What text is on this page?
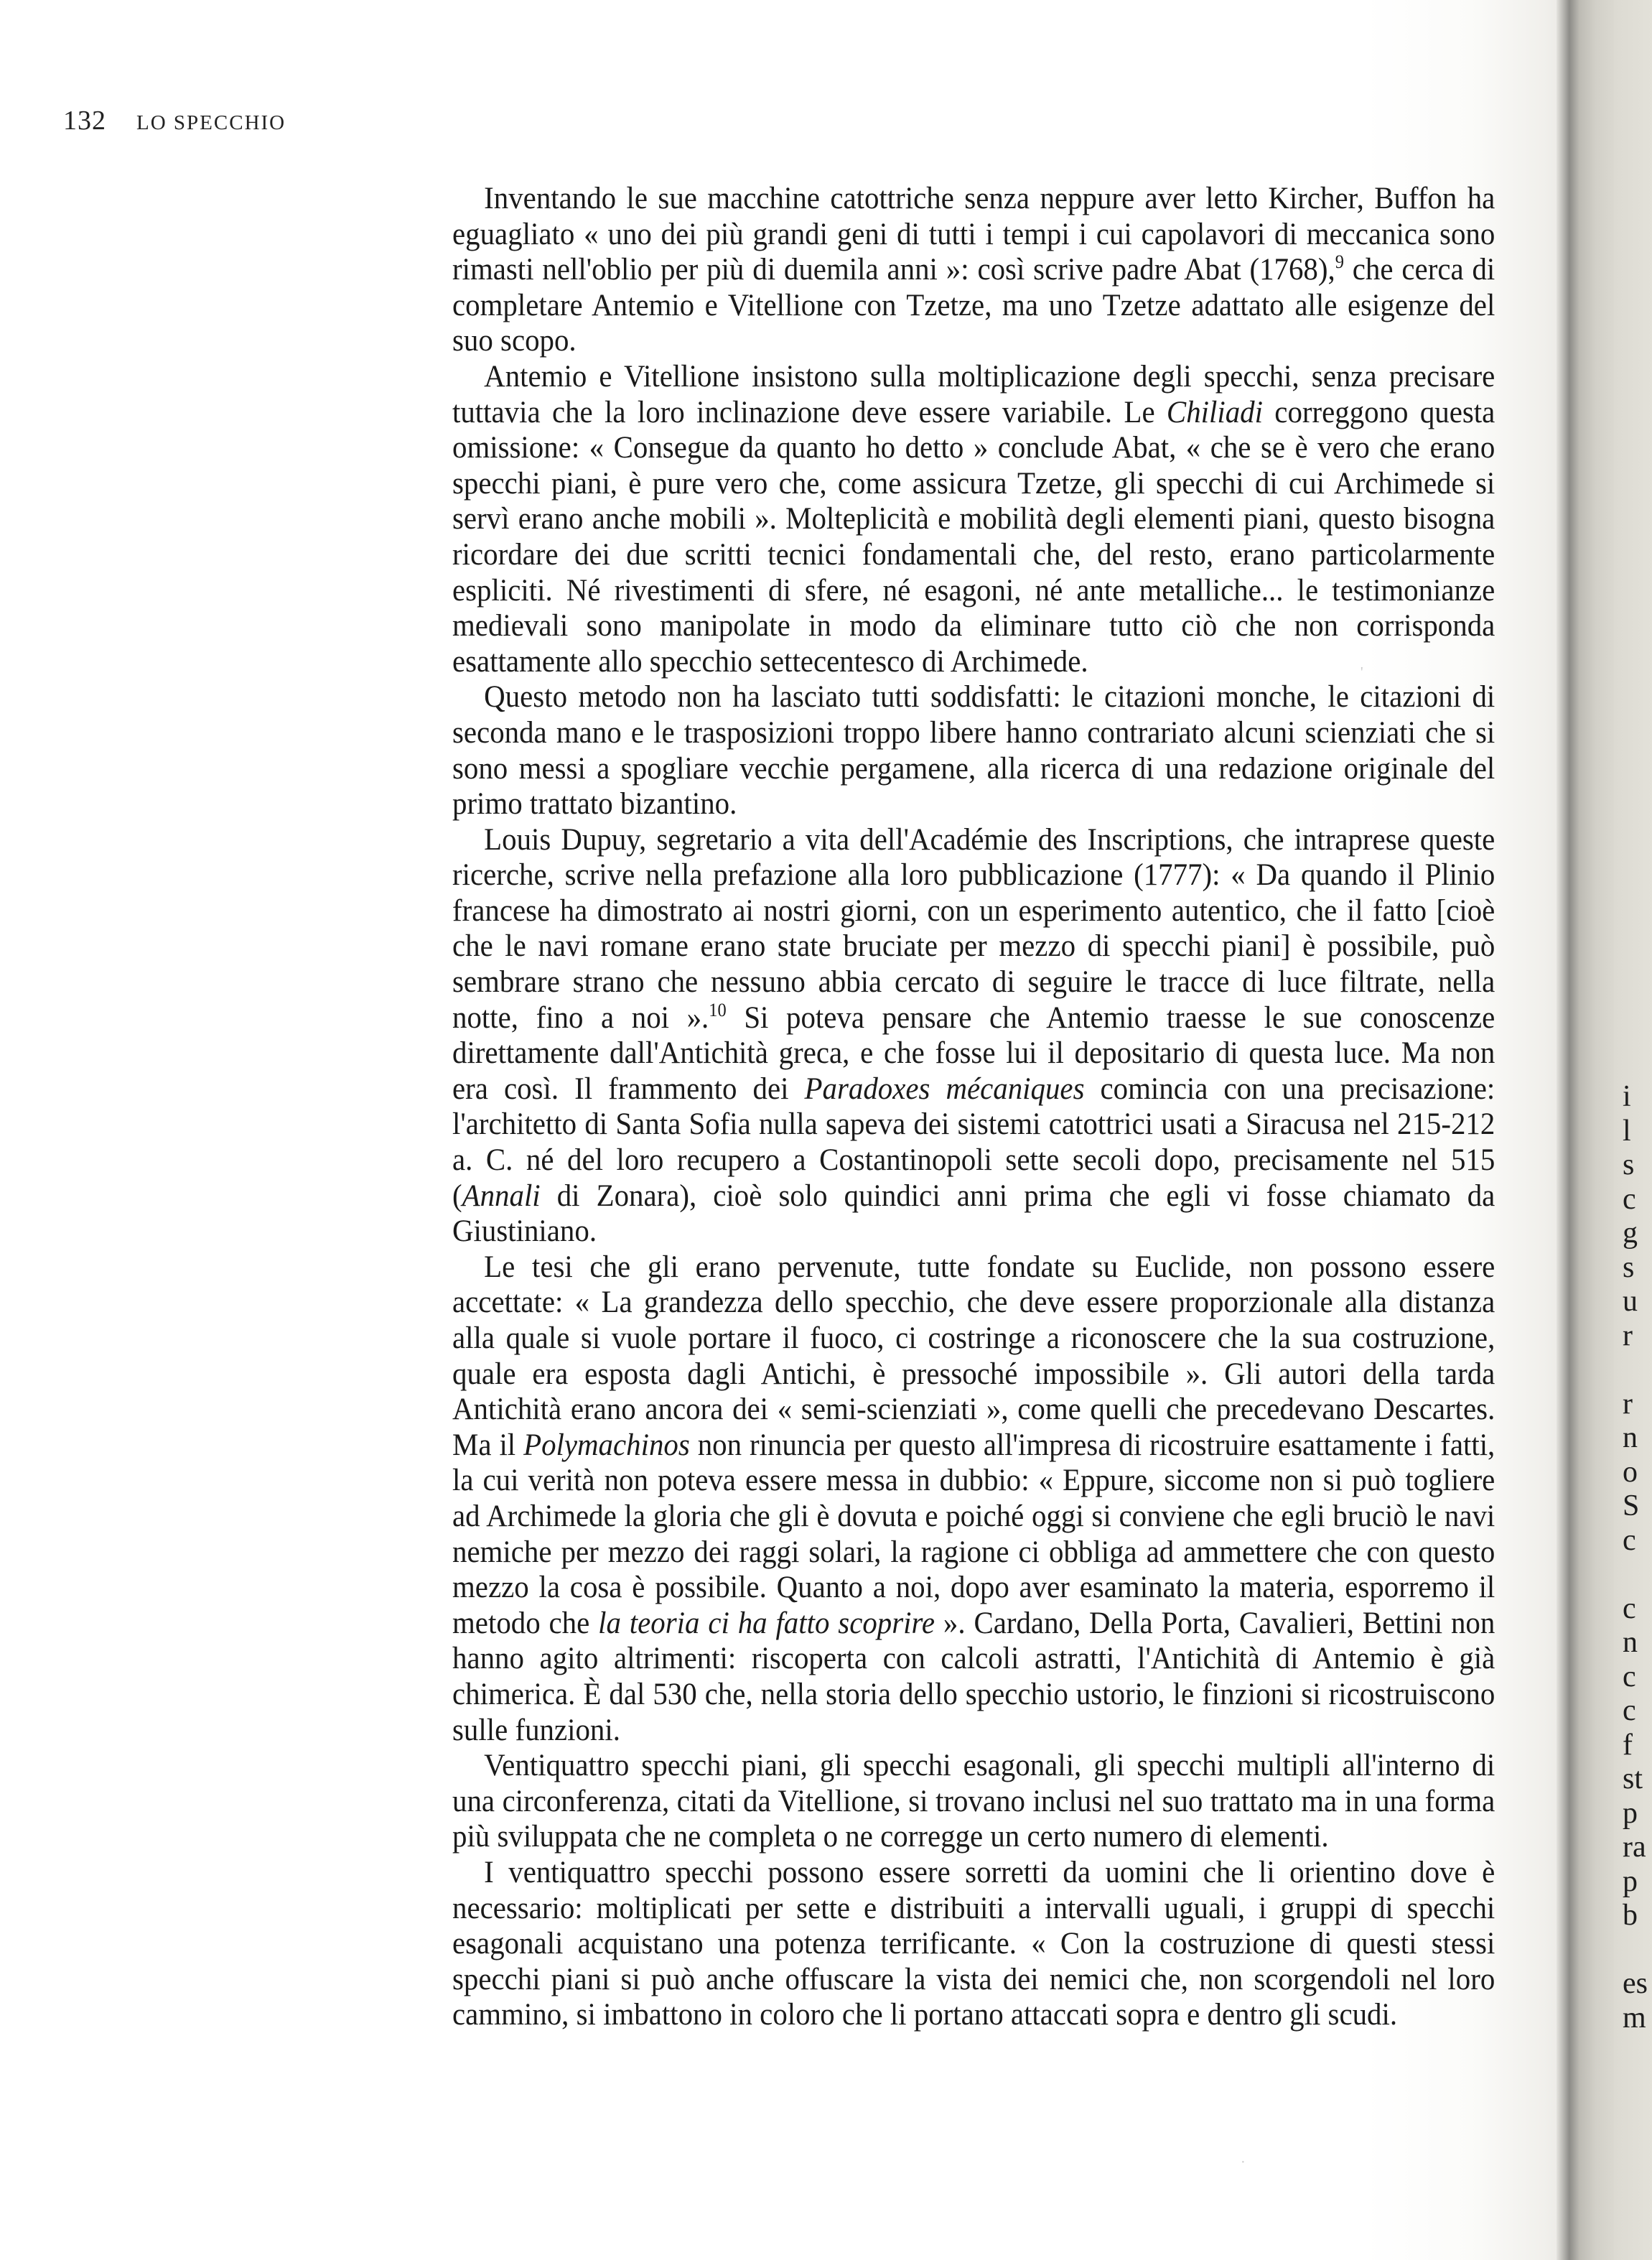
132 LO SPECCHIO

Inventando le sue macchine catottriche senza neppure aver letto Kircher, Buffon ha eguagliato « uno dei più grandi geni di tutti i tempi i cui capolavori di meccanica sono rimasti nell'oblio per più di duemila anni »: così scrive padre Abat (1768),$^9$ che cerca di completare Antemio e Vitellione con Tzetze, ma uno Tzetze adattato alle esigenze del suo scopo.

Antemio e Vitellione insistono sulla moltiplicazione degli specchi, senza precisare tuttavia che la loro inclinazione deve essere variabile. Le Chiliadi correggono questa omissione: « Consegue da quanto ho detto » conclude Abat, « che se è vero che erano specchi piani, è pure vero che, come assicura Tzetze, gli specchi di cui Archimede si servì erano anche mobili ». Molteplicità e mobilità degli elementi piani, questo bisogna ricordare dei due scritti tecnici fondamentali che, del resto, erano particolarmente espliciti. Né rivestimenti di sfere, né esagoni, né ante metalliche... le testimonianze medievali sono manipolate in modo da eliminare tutto ciò che non corrisponda esattamente allo specchio settecentesco di Archimede.

Questo metodo non ha lasciato tutti soddisfatti: le citazioni monche, le citazioni di seconda mano e le trasposizioni troppo libere hanno contrariato alcuni scienziati che si sono messi a spogliare vecchie pergamene, alla ricerca di una redazione originale del primo trattato bizantino.

Louis Dupuy, segretario a vita dell'Académie des Inscriptions, che intraprese queste ricerche, scrive nella prefazione alla loro pubblicazione (1777): « Da quando il Plinio francese ha dimostrato ai nostri giorni, con un esperimento autentico, che il fatto [cioè che le navi romane erano state bruciate per mezzo di specchi piani] è possibile, può sembrare strano che nessuno abbia cercato di seguire le tracce di luce filtrate, nella notte, fino a noi ».$^{10}$ Si poteva pensare che Antemio traesse le sue conoscenze direttamente dall'Antichità greca, e che fosse lui il depositario di questa luce. Ma non era così. Il frammento dei Paradoxes mécaniques comincia con una precisazione: l'architetto di Santa Sofia nulla sapeva dei sistemi catottrici usati a Siracusa nel 215-212 a. C. né del loro recupero a Costantinopoli sette secoli dopo, precisamente nel 515 (Annali di Zonara), cioè solo quindici anni prima che egli vi fosse chiamato da Giustiniano.

Le tesi che gli erano pervenute, tutte fondate su Euclide, non possono essere accettate: « La grandezza dello specchio, che deve essere proporzionale alla distanza alla quale si vuole portare il fuoco, ci costringe a riconoscere che la sua costruzione, quale era esposta dagli Antichi, è pressoché impossibile ». Gli autori della tarda Antichità erano ancora dei « semi-scienziati », come quelli che precedevano Descartes. Ma il Polymachinos non rinuncia per questo all'impresa di ricostruire esattamente i fatti, la cui verità non poteva essere messa in dubbio: « Eppure, siccome non si può togliere ad Archimede la gloria che gli è dovuta e poiché oggi si conviene che egli bruciò le navi nemiche per mezzo dei raggi solari, la ragione ci obbliga ad ammettere che con questo mezzo la cosa è possibile. Quanto a noi, dopo aver esaminato la materia, esporremo il metodo che la teoria ci ha fatto scoprire ». Cardano, Della Porta, Cavalieri, Bettini non hanno agito altrimenti: riscoperta con calcoli astratti, l'Antichità di Antemio è già chimerica. È dal 530 che, nella storia dello specchio ustorio, le finzioni si ricostruiscono sulle funzioni.

Ventiquattro specchi piani, gli specchi esagonali, gli specchi multipli all'interno di una circonferenza, citati da Vitellione, si trovano inclusi nel suo trattato ma in una forma più sviluppata che ne completa o ne corregge un certo numero di elementi.

I ventiquattro specchi possono essere sorretti da uomini che li orientino dove è necessario: moltiplicati per sette e distribuiti a intervalli uguali, i gruppi di specchi esagonali acquistano una potenza terrificante. « Con la costruzione di questi stessi specchi piani si può anche offuscare la vista dei nemici che, non scorgendoli nel loro cammino, si imbattono in coloro che li portano attaccati sopra e dentro gli scudi.

·
'
i
l
s
c
g
s
u
r
r
n
o
S
c
c
n
c
c
f
st
p
ra
p
b
es
m
